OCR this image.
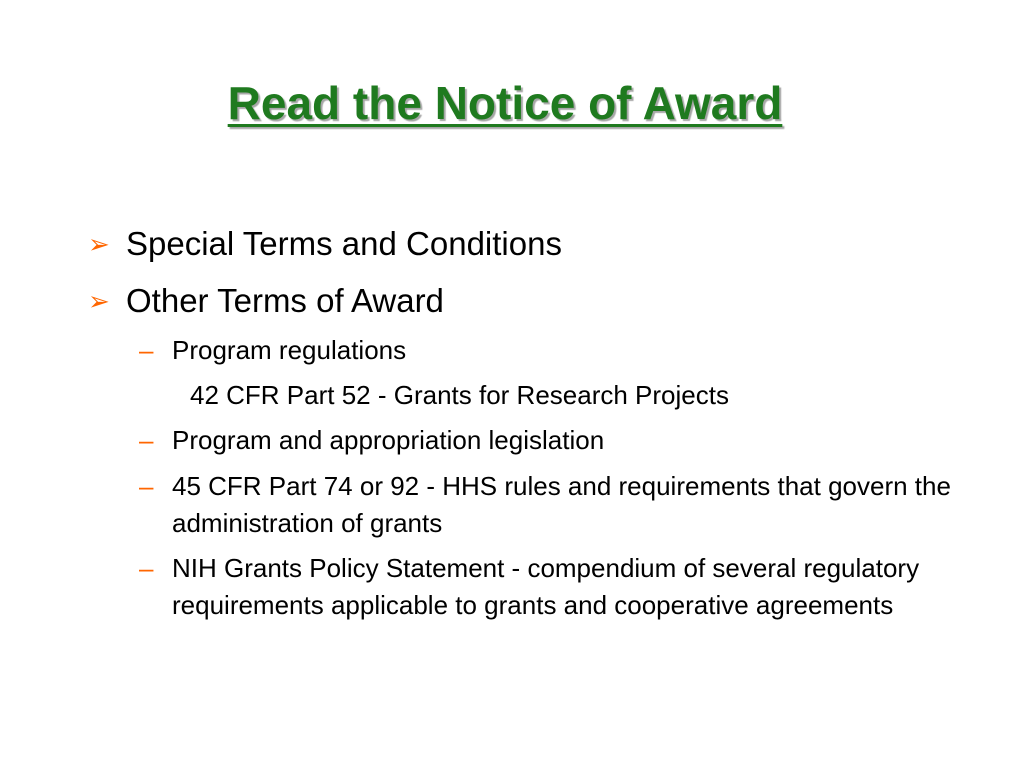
Read the Notice of Award
➢ Special Terms and Conditions
➢ Other Terms of Award
– Program regulations
42 CFR Part 52 - Grants for Research Projects
– Program and appropriation legislation
– 45 CFR Part 74 or 92 - HHS rules and requirements that govern the administration of grants
– NIH Grants Policy Statement - compendium of several regulatory requirements applicable to grants and cooperative agreements
